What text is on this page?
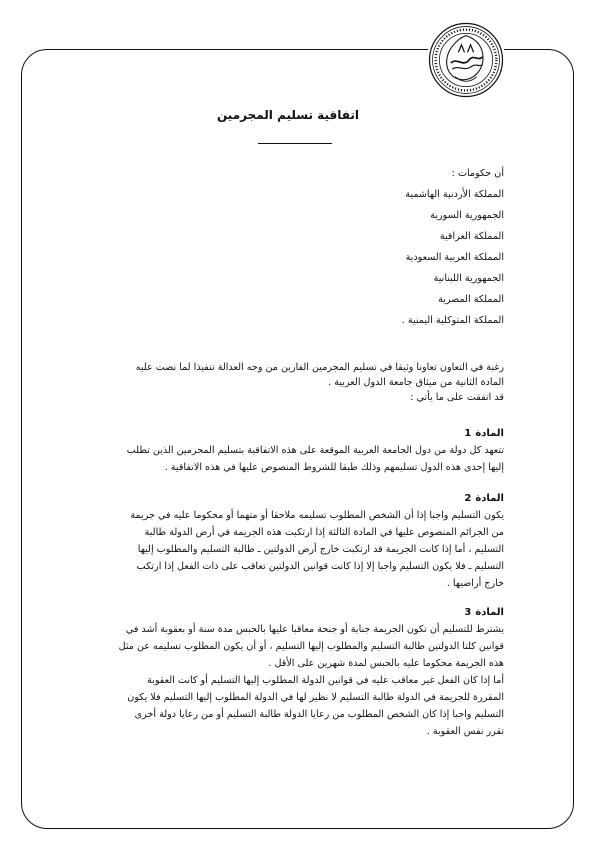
اتفاقية تسليم المجرمين
أن حكومات :
المملكة الأردنية الهاشمية
الجمهورية السورية
المملكة العراقية
المملكة العربية السعودية
الجمهورية اللبنانية
المملكة المصرية
المملكة المتوكلية اليمنية .
رغبة في التعاون تعاونا وثيقا في تسليم المجرمين الفارين من وجه العدالة تنفيذا لما نصت عليه
المادة الثانية من ميثاق جامعة الدول العربية .
قد اتفقت على ما يأتي :
المادة1
تتعهد كل دولة من دول الجامعة العربية الموقعة على هذه الاتفاقية بتسليم المجرمين الذين تطلب
إليها إحدى هذه الدول تسليمهم وذلك طبقا للشروط المنصوص عليها في هذه الاتفاقية .
المادة2
يكون التسليم واجبا إذا أن الشخص المطلوب تسليمه ملاحقا أو متهما أو محكوما عليه في جريمة
من الجرائم المنصوص عليها في المادة الثالثة إذا ارتكبت هذه الجريمة في أرض الدولة طالبة
التسليم ، أما إذا كانت الجريمة قد ارتكبت خارج أرض الدولتين ـ طالبة التسليم والمطلوب إليها
التسليم ـ فلا يكون التسليم واجبا إلا إذا كانت قوانين الدولتين تعاقب على ذات الفعل إذا ارتكب
خارج أراضيها .
المادة3
يشترط للتسليم أن تكون الجريمة جناية أو جنحة معاقبا عليها بالحبس مدة سنة أو بعقوبة أشد في
قوانين كلتا الدولتين طالبة التسليم والمطلوب إليها التسليم ، أو أن يكون المطلوب تسليمه عن مثل
هذه الجريمة محكوما عليه بالحبس لمدة شهرين على الأقل .
أما إذا كان الفعل غير معاقب عليه في قوانين الدولة المطلوب إليها التسليم أو كانت العقوبة
المقررة للجريمة في الدولة طالبة التسليم لا نظير لها في الدولة المطلوب إليها التسليم فلا يكون
التسليم واجبا إذا كان الشخص المطلوب من رعايا الدولة طالبة التسليم أو من رعايا دولة أخرى
تقرر نفس العقوبة .
